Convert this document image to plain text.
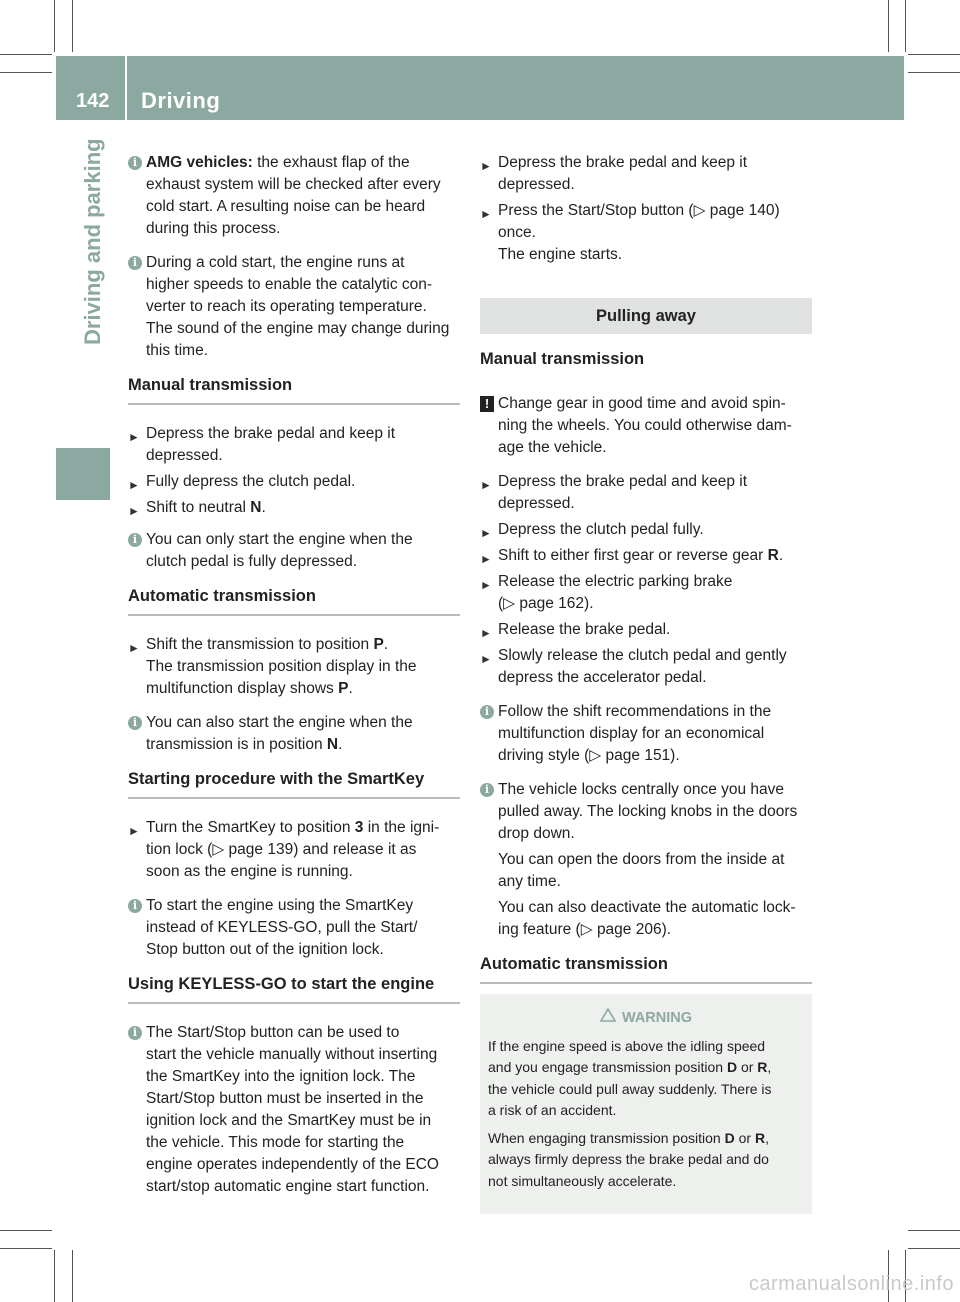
142 Driving
Driving and parking	i AMG vehicles: the exhaust flap of the
exhaust system will be checked after every
cold start. A resulting noise can be heard
during this process.
i During a cold start, the engine runs at
higher speeds to enable the catalytic con-
verter to reach its operating temperature.
The sound of the engine may change during
this time.
Manual transmission
► Depress the brake pedal and keep it
depressed.
► Fully depress the clutch pedal.
► Shift to neutral N.
i You can only start the engine when the
clutch pedal is fully depressed.
Automatic transmission
► Shift the transmission to position P.
The transmission position display in the
multifunction display shows P.
i You can also start the engine when the
transmission is in position N.
Starting procedure with the SmartKey
► Turn the SmartKey to position 3 in the igni-
tion lock (▷ page 139) and release it as
soon as the engine is running.
i To start the engine using the SmartKey
instead of KEYLESS-GO, pull the Start/
Stop button out of the ignition lock.
Using KEYLESS-GO to start the engine
i The Start/Stop button can be used to
start the vehicle manually without inserting
the SmartKey into the ignition lock. The
Start/Stop button must be inserted in the
ignition lock and the SmartKey must be in
the vehicle. This mode for starting the
engine operates independently of the ECO
start/stop automatic engine start function.
► Depress the brake pedal and keep it
depressed.
► Press the Start/Stop button (▷ page 140)
once.
The engine starts.
Pulling away
Manual transmission
! Change gear in good time and avoid spin-
ning the wheels. You could otherwise dam-
age the vehicle.
► Depress the brake pedal and keep it
depressed.
► Depress the clutch pedal fully.
► Shift to either first gear or reverse gear R.
► Release the electric parking brake
(▷ page 162).
► Release the brake pedal.
► Slowly release the clutch pedal and gently
depress the accelerator pedal.
i Follow the shift recommendations in the
multifunction display for an economical
driving style (▷ page 151).
i The vehicle locks centrally once you have
pulled away. The locking knobs in the doors
drop down.
You can open the doors from the inside at
any time.
You can also deactivate the automatic lock-
ing feature (▷ page 206).
Automatic transmission
WARNING

If the engine speed is above the idling speed
and you engage transmission position D or R,
the vehicle could pull away suddenly. There is
a risk of an accident.

When engaging transmission position D or R,
always firmly depress the brake pedal and do
not simultaneously accelerate.

carmanualsonline.info
